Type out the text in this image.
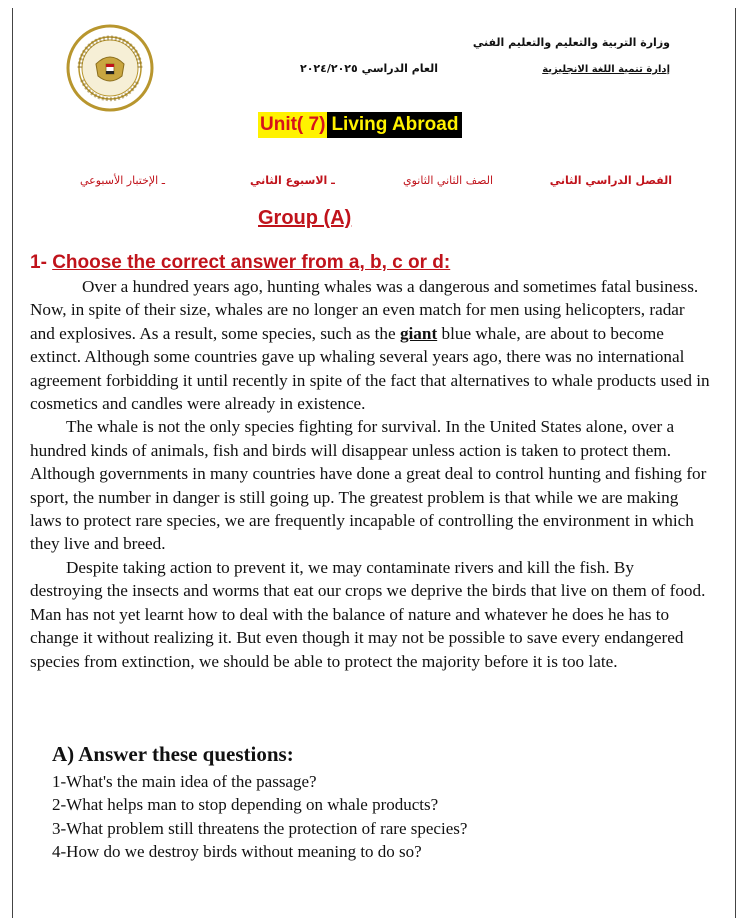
وزارة التربية والتعليم والتعليم الفني
إدارة تنمية اللغة الانجليزية
العام الدراسي ٢٠٢٤/٢٠٢٥
Unit( 7) Living Abroad
الفصل الدراسي الثاني
الصف الثاني الثانوي
ـ الاسبوع الثاني
ـ الإختبار الأسبوعي
Group (A)
1- Choose the correct answer from a, b, c or d:

Over a hundred years ago, hunting whales was a dangerous and sometimes fatal business. Now, in spite of their size, whales are no longer an even match for men using helicopters, radar and explosives. As a result, some species, such as the giant blue whale, are about to become extinct. Although some countries gave up whaling several years ago, there was no international agreement forbidding it until recently in spite of the fact that alternatives to whale products used in cosmetics and candles were already in existence.

The whale is not the only species fighting for survival. In the United States alone, over a hundred kinds of animals, fish and birds will disappear unless action is taken to protect them. Although governments in many countries have done a great deal to control hunting and fishing for sport, the number in danger is still going up. The greatest problem is that while we are making laws to protect rare species, we are frequently incapable of controlling the environment in which they live and breed.

Despite taking action to prevent it, we may contaminate rivers and kill the fish. By destroying the insects and worms that eat our crops we deprive the birds that live on them of food. Man has not yet learnt how to deal with the balance of nature and whatever he does he has to change it without realizing it. But even though it may not be possible to save every endangered species from extinction, we should be able to protect the majority before it is too late.

A) Answer these questions:
1-What's the main idea of the passage?
2-What helps man to stop depending on whale products?
3-What problem still threatens the protection of rare species?
4-How do we destroy birds without meaning to do so?
